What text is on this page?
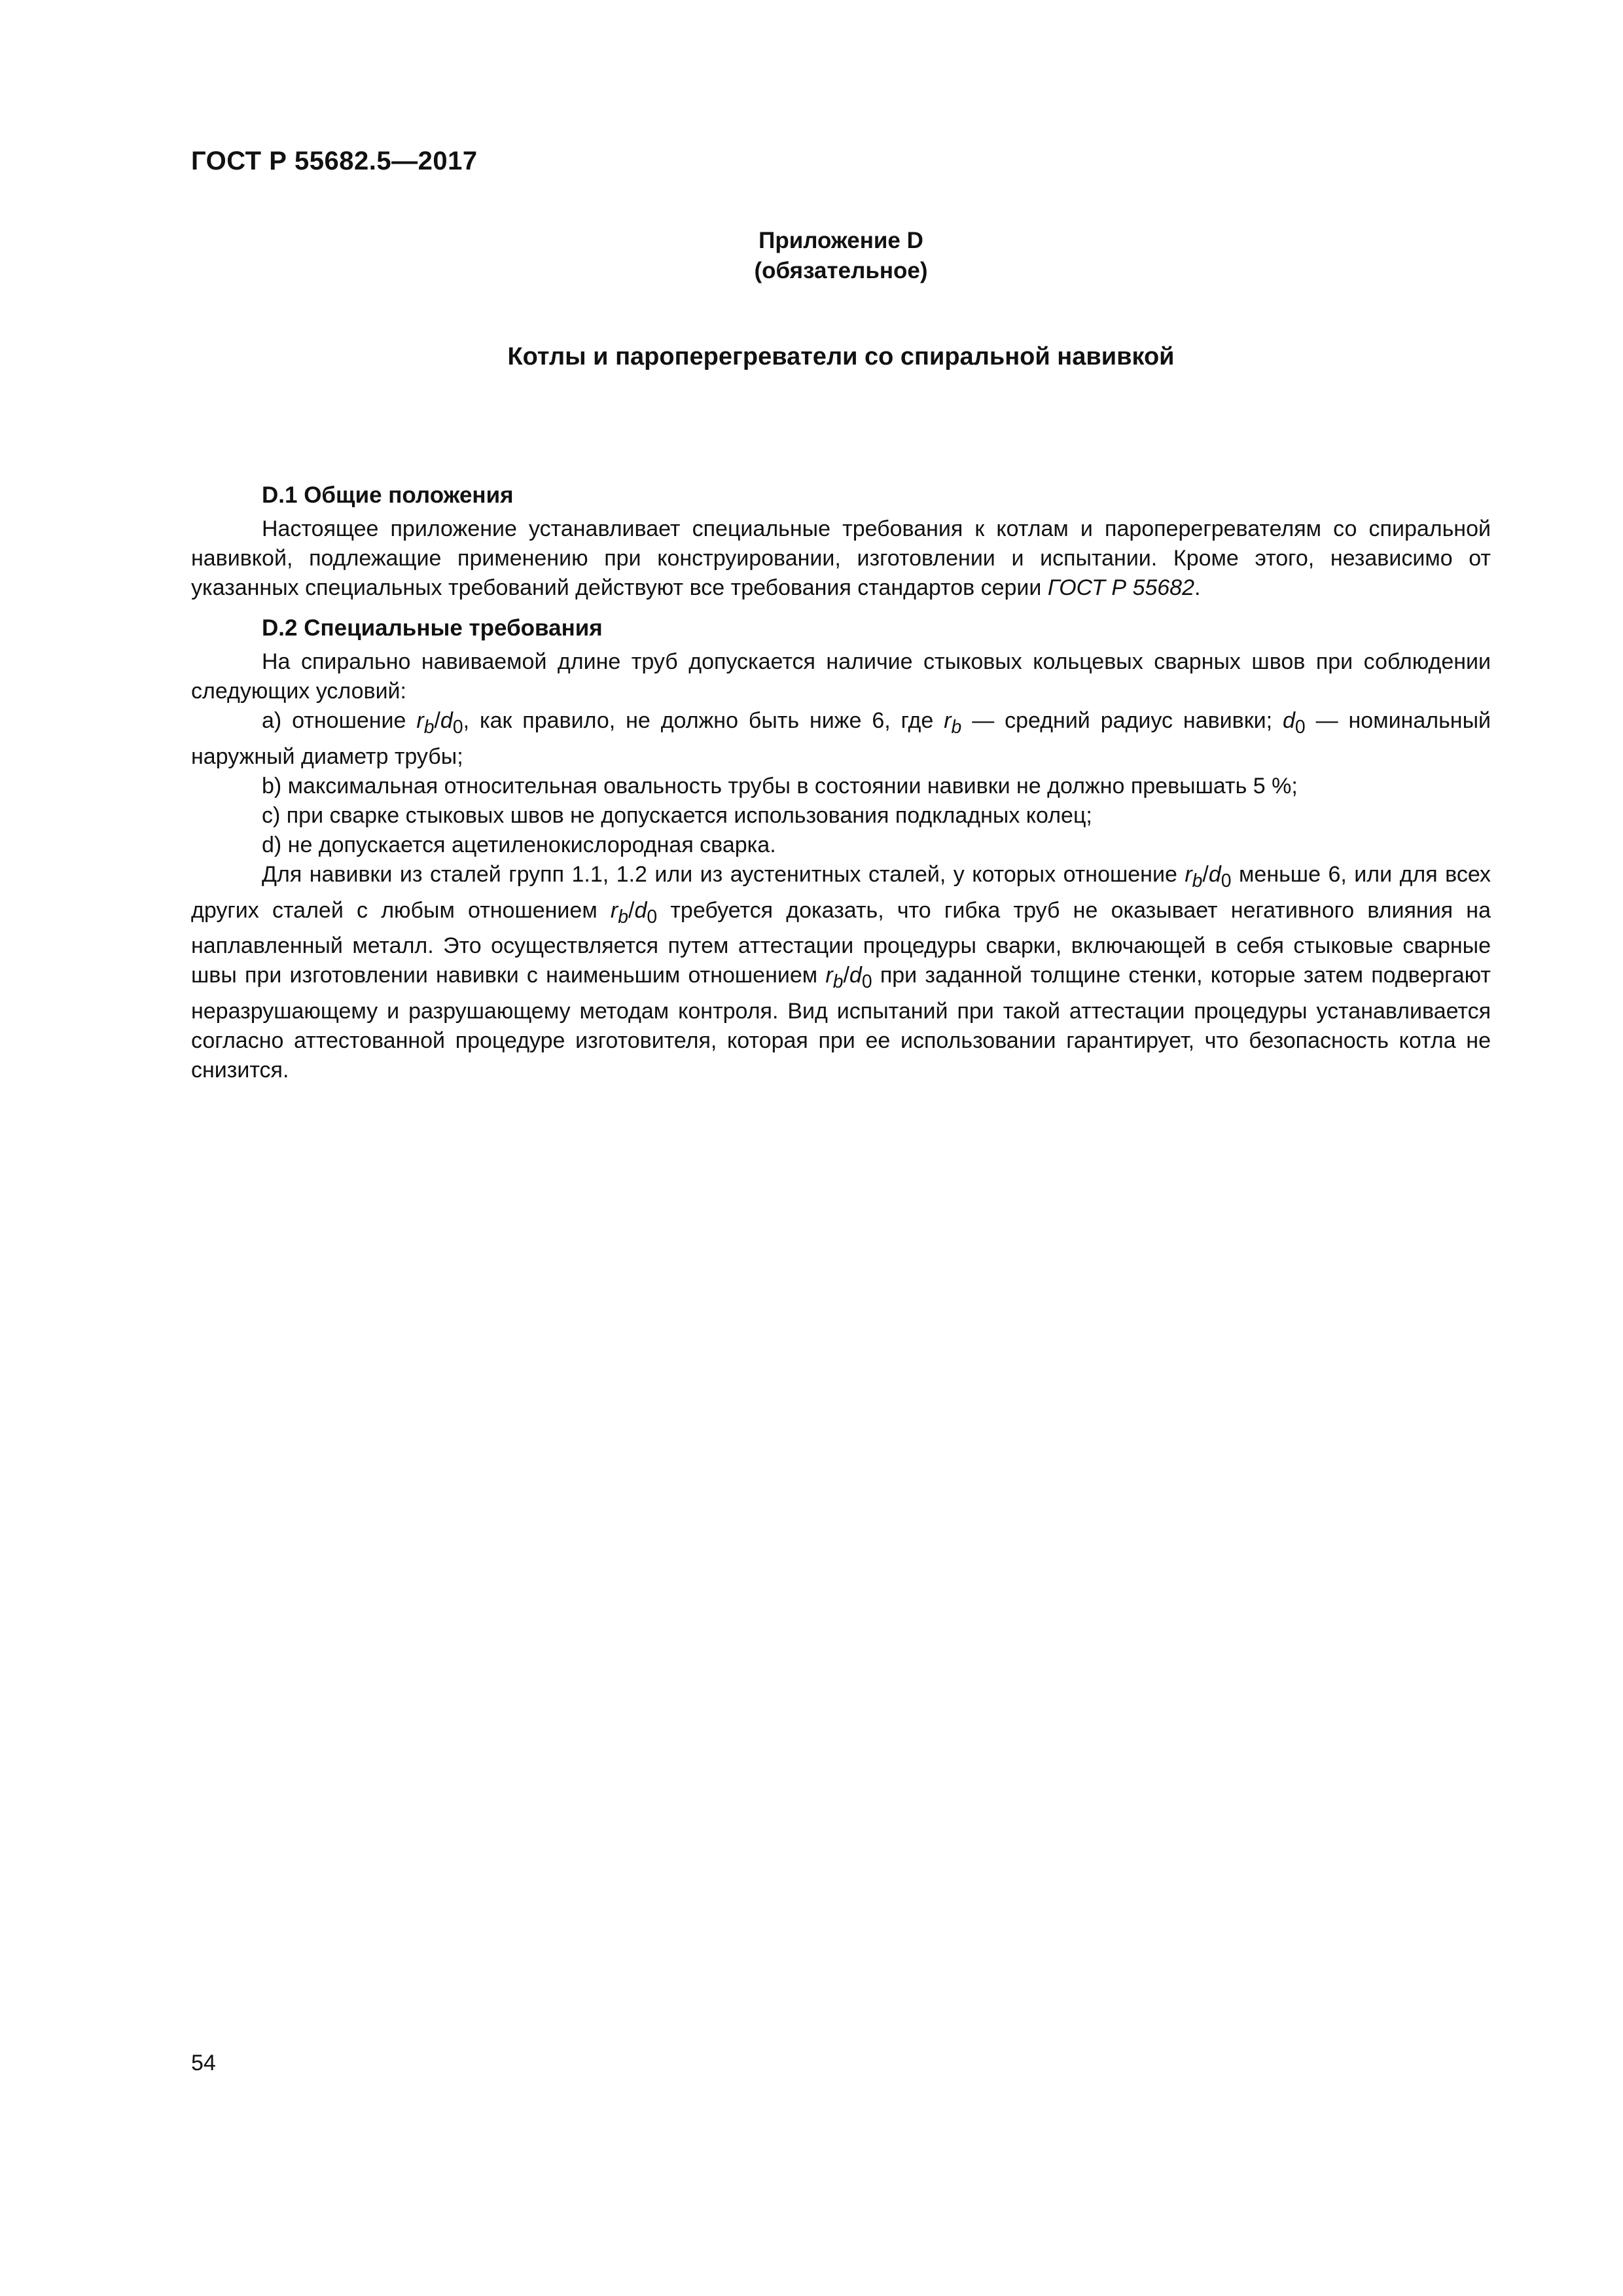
ГОСТ Р 55682.5—2017
Приложение D
(обязательное)
Котлы и пароперегреватели со спиральной навивкой
D.1 Общие положения

Настоящее приложение устанавливает специальные требования к котлам и пароперегревателям со спиральной навивкой, подлежащие применению при конструировании, изготовлении и испытании. Кроме этого, независимо от указанных специальных требований действуют все требования стандартов серии ГОСТ Р 55682.

D.2 Специальные требования

На спирально навиваемой длине труб допускается наличие стыковых кольцевых сварных швов при соблюдении следующих условий:

a) отношение $r_b/d_0$, как правило, не должно быть ниже 6, где $r_b$ — средний радиус навивки; $d_0$ — номинальный наружный диаметр трубы;

b) максимальная относительная овальность трубы в состоянии навивки не должно превышать 5 %;

c) при сварке стыковых швов не допускается использования подкладных колец;

d) не допускается ацетиленокислородная сварка.

Для навивки из сталей групп 1.1, 1.2 или из аустенитных сталей, у которых отношение $r_b/d_0$ меньше 6, или для всех других сталей с любым отношением $r_b/d_0$ требуется доказать, что гибка труб не оказывает негативного влияния на наплавленный металл. Это осуществляется путем аттестации процедуры сварки, включающей в себя стыковые сварные швы при изготовлении навивки с наименьшим отношением $r_b/d_0$ при заданной толщине стенки, которые затем подвергают неразрушающему и разрушающему методам контроля. Вид испытаний при такой аттестации процедуры устанавливается согласно аттестованной процедуре изготовителя, которая при ее использовании гарантирует, что безопасность котла не снизится.

54
